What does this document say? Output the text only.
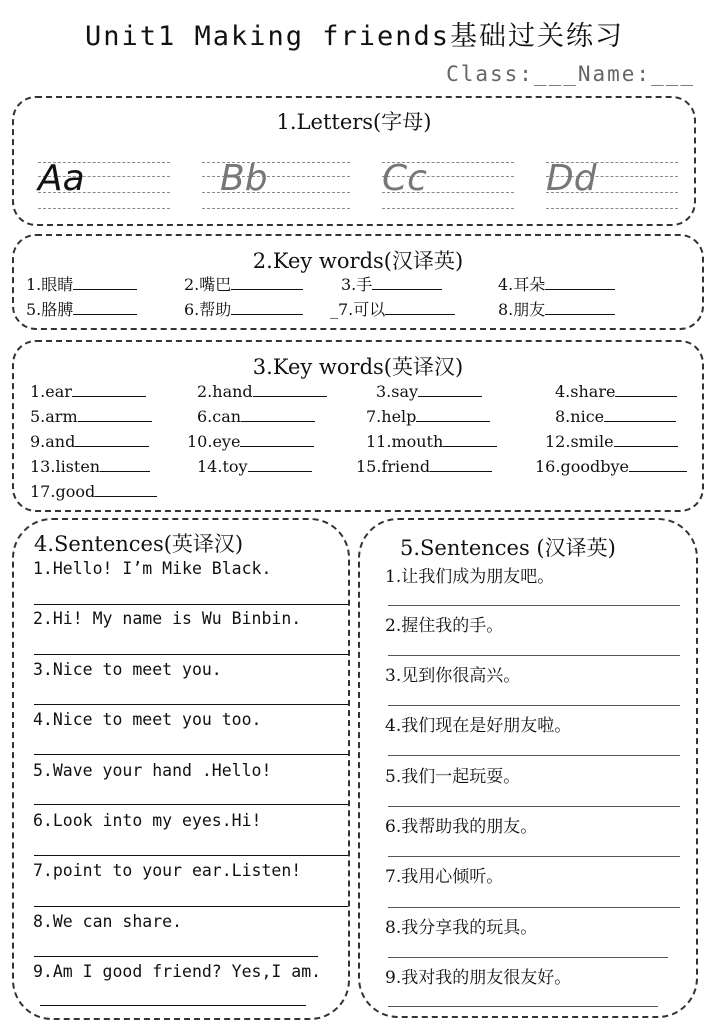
Unit1 Making friends基础过关练习
Class:___Name:___
1.Letters(字母)
Aa	Bb	Cc	Dd
2.Key words(汉译英)
1.眼睛	2.嘴巴	3.手	4.耳朵
5.胳膊	6.帮助	_7.可以	8.朋友
3.Key words(英译汉)
1.ear	2.hand	3.say	4.share
5.arm	6.can	7.help	8.nice
9.and	10.eye	11.mouth	12.smile
13.listen	14.toy	15.friend	16.goodbye
17.good
4.Sentences(英译汉)
1.Hello! I’m Mike Black.
2.Hi! My name is Wu Binbin.
3.Nice to meet you.
4.Nice to meet you too.
5.Wave your hand .Hello!
6.Look into my eyes.Hi!
7.point to your ear.Listen!
8.We can share.
9.Am I good friend? Yes,I am.
5.Sentences (汉译英)
1.让我们成为朋友吧。
2.握住我的手。
3.见到你很高兴。
4.我们现在是好朋友啦。
5.我们一起玩耍。
6.我帮助我的朋友。
7.我用心倾听。
8.我分享我的玩具。
9.我对我的朋友很友好。
